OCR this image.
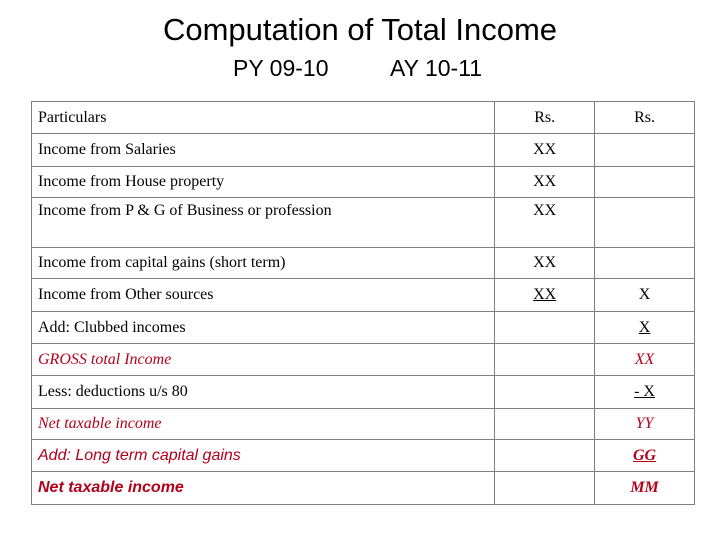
Computation of Total Income
PY 09-10	AY 10-11
Particulars	Rs.	Rs.
Income from Salaries	XX	
Income from House property	XX	
Income from P & G of Business or profession	XX	
Income from capital gains (short term)	XX	
Income from Other sources	XX	X
Add: Clubbed incomes		X
GROSS total Income		XX
Less: deductions u/s 80		- X
Net taxable income		YY
Add: Long term capital gains		GG
Net taxable income		MM
